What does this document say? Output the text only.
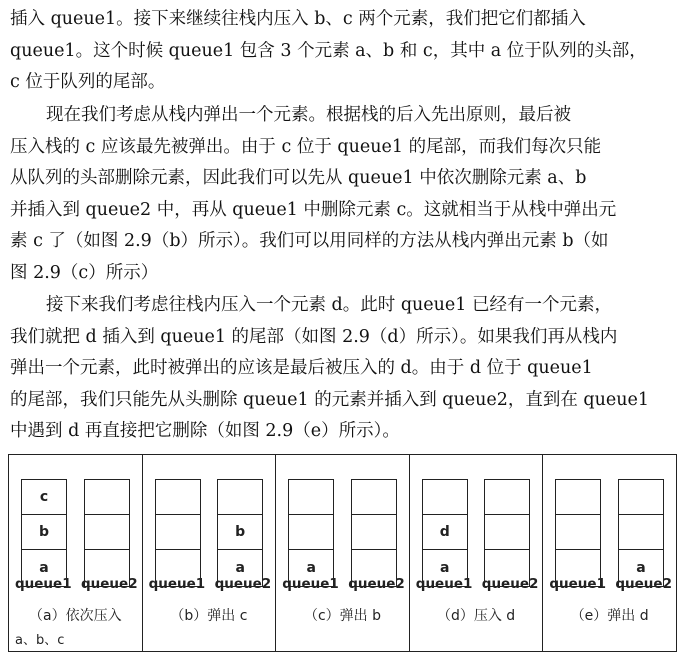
插入 queue1。接下来继续往栈内压入 b、c 两个元素，我们把它们都插入
queue1。这个时候 queue1 包含 3 个元素 a、b 和 c，其中 a 位于队列的头部，
c 位于队列的尾部。
现在我们考虑从栈内弹出一个元素。根据栈的后入先出原则，最后被
压入栈的 c 应该最先被弹出。由于 c 位于 queue1 的尾部，而我们每次只能
从队列的头部删除元素，因此我们可以先从 queue1 中依次删除元素 a、b
并插入到 queue2 中，再从 queue1 中删除元素 c。这就相当于从栈中弹出元
素 c 了（如图 2.9（b）所示）。我们可以用同样的方法从栈内弹出元素 b（如
图 2.9（c）所示）
接下来我们考虑往栈内压入一个元素 d。此时 queue1 已经有一个元素，
我们就把 d 插入到 queue1 的尾部（如图 2.9（d）所示）。如果我们再从栈内
弹出一个元素，此时被弹出的应该是最后被压入的 d。由于 d 位于 queue1
的尾部，我们只能先从头删除 queue1 的元素并插入到 queue2，直到在 queue1
中遇到 d 再直接把它删除（如图 2.9（e）所示）。
c
b
a
queue1 queue2
（a）依次压入
a、b、c
b
a
queue1 queue2
（b）弹出 c
a
queue1 queue2
（c）弹出 b
d
a
queue1 queue2
（d）压入 d
a
queue1 queue2
（e）弹出 d
